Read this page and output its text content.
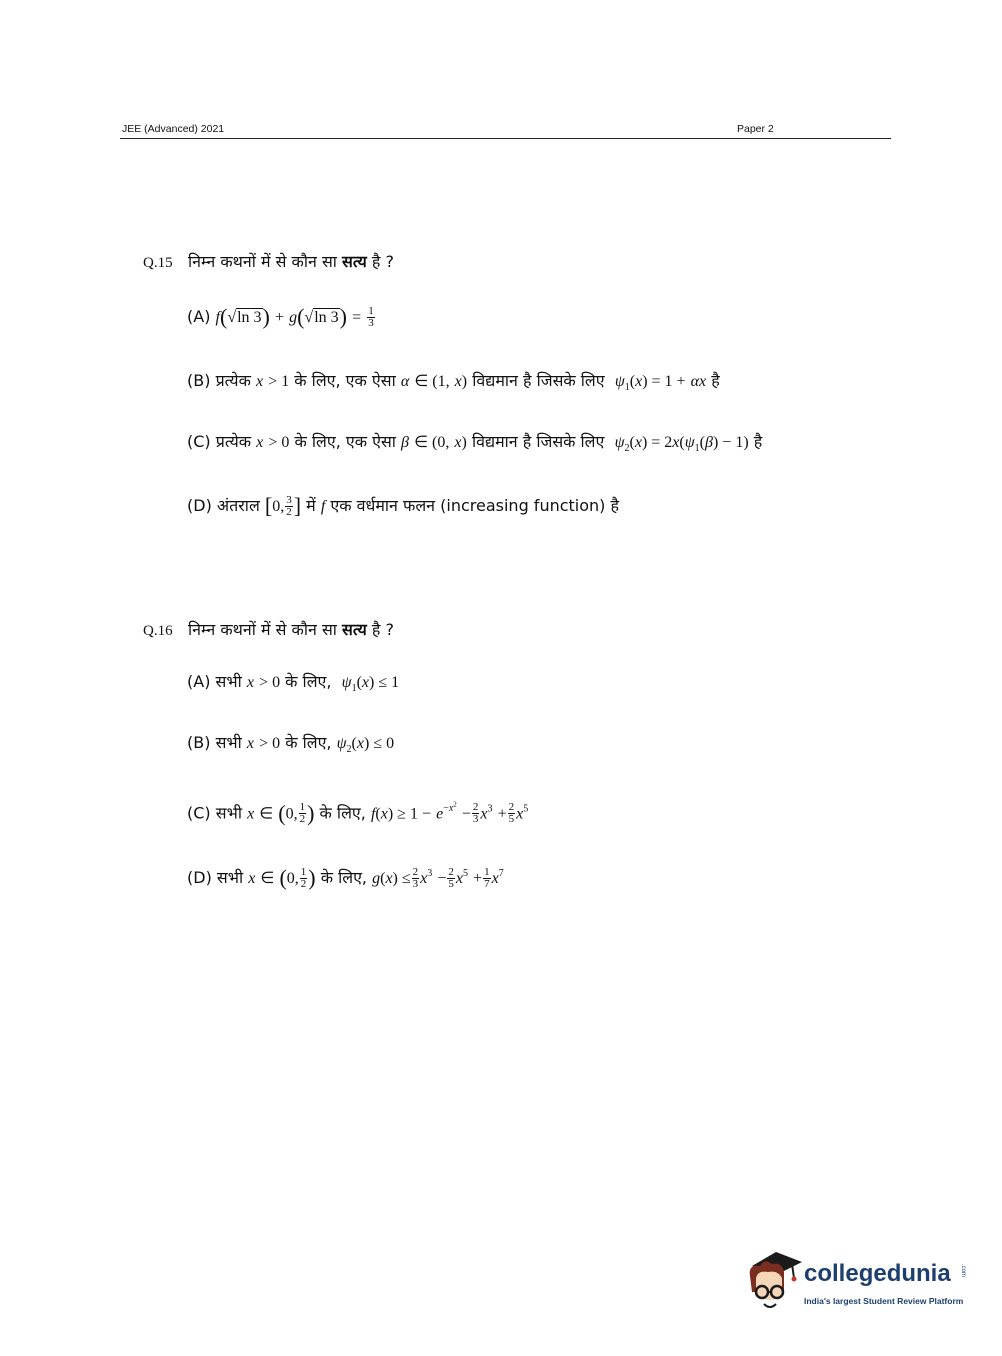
JEE (Advanced) 2021	Paper 2
Q.15 निम्न कथनों में से कौन सा सत्य है ?
(A) f(√ln 3) + g(√ln $3) = \frac{1}{3}$
(B) प्रत्येक x > 1 के लिए, एक ऐसा α ∈ (1, x) विद्यमान है जिसके लिए $\psi_1(x) = 1 + \alpha x$ है
(C) प्रत्येक x > 0 के लिए, एक ऐसा β ∈ (0, x) विद्यमान है जिसके लिए $\psi_2(x) = 2x(\psi_1(\beta) - 1)$ है
(D) अंतराल [0, $\frac{3}{2}$ ] में f एक वर्धमान फलन (increasing function) है
Q.16 निम्न कथनों में से कौन सा सत्य है ?
(A) सभी x > 0 के लिए, $\psi_1(x) \le 1$
(B) सभी x > 0 के लिए, $\psi_2(x) \le 0$
(C) सभी x ∈ (0, $\frac{1}{2}$ ) के लिए, $f(x) \ge 1 - e^{-x^2} - \frac{2}{3} x^3 + \frac{2}{5} x^5$
(D) सभी x ∈ (0, $\frac{1}{2}$ ) के लिए, $g(x) \le \frac{2}{3} x^3 - \frac{2}{5} x^5 + \frac{1}{7} x^7$
collegedunia .com
India's largest Student Review Platform
